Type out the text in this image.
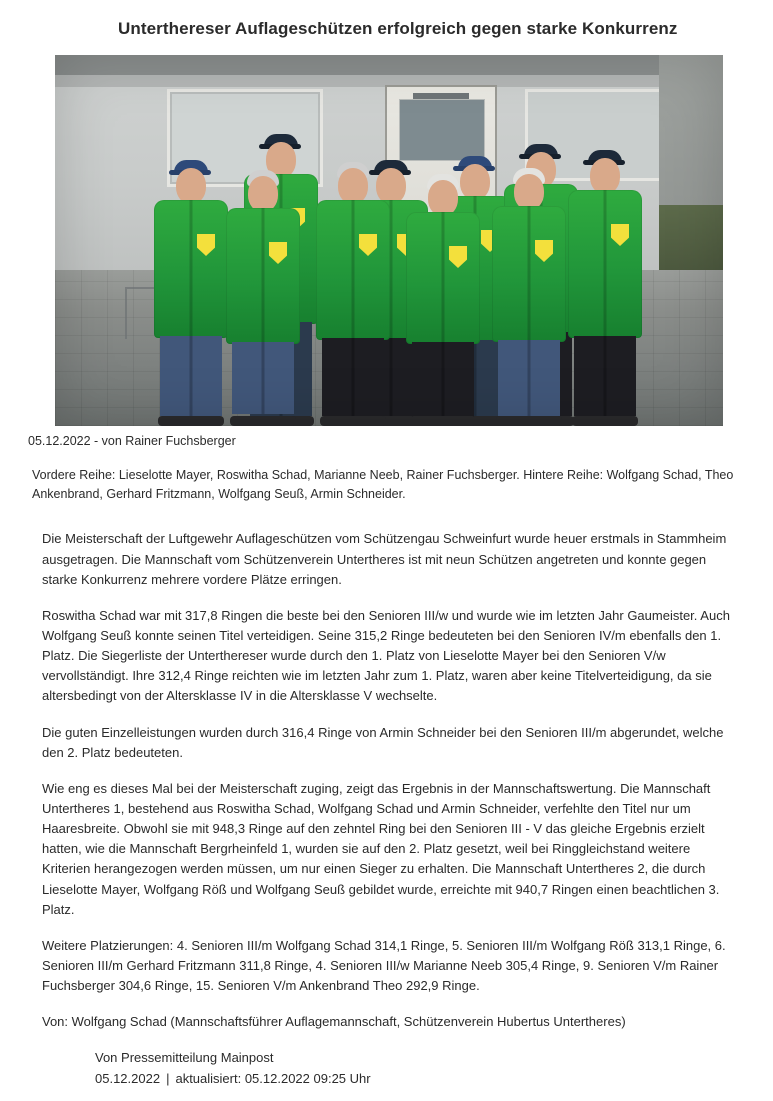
Unterthereser Auflageschützen erfolgreich gegen starke Konkurrenz
05.12.2022 - von Rainer Fuchsberger
Vordere Reihe: Lieselotte Mayer, Roswitha Schad, Marianne Neeb, Rainer Fuchsberger. Hintere Reihe: Wolfgang Schad, Theo Ankenbrand, Gerhard Fritzmann, Wolfgang Seuß, Armin Schneider.

Die Meisterschaft der Luftgewehr Auflageschützen vom Schützengau Schweinfurt wurde heuer erstmals in Stammheim ausgetragen. Die Mannschaft vom Schützenverein Untertheres ist mit neun Schützen angetreten und konnte gegen starke Konkurrenz mehrere vordere Plätze erringen.

Roswitha Schad war mit 317,8 Ringen die beste bei den Senioren III/w und wurde wie im letzten Jahr Gaumeister. Auch Wolfgang Seuß konnte seinen Titel verteidigen. Seine 315,2 Ringe bedeuteten bei den Senioren IV/m ebenfalls den 1. Platz. Die Siegerliste der Unterthereser wurde durch den 1. Platz von Lieselotte Mayer bei den Senioren V/w vervollständigt. Ihre 312,4 Ringe reichten wie im letzten Jahr zum 1. Platz, waren aber keine Titelverteidigung, da sie altersbedingt von der Altersklasse IV in die Altersklasse V wechselte.

Die guten Einzelleistungen wurden durch 316,4 Ringe von Armin Schneider bei den Senioren III/m abgerundet, welche den 2. Platz bedeuteten.

Wie eng es dieses Mal bei der Meisterschaft zuging, zeigt das Ergebnis in der Mannschaftswertung. Die Mannschaft Untertheres 1, bestehend aus Roswitha Schad, Wolfgang Schad und Armin Schneider, verfehlte den Titel nur um Haaresbreite. Obwohl sie mit 948,3 Ringe auf den zehntel Ring bei den Senioren III - V das gleiche Ergebnis erzielt hatten, wie die Mannschaft Bergrheinfeld 1, wurden sie auf den 2. Platz gesetzt, weil bei Ringgleichstand weitere Kriterien herangezogen werden müssen, um nur einen Sieger zu erhalten. Die Mannschaft Untertheres 2, die durch Lieselotte Mayer, Wolfgang Röß und Wolfgang Seuß gebildet wurde, erreichte mit 940,7 Ringen einen beachtlichen 3. Platz.

Weitere Platzierungen: 4. Senioren III/m Wolfgang Schad 314,1 Ringe, 5. Senioren III/m Wolfgang Röß 313,1 Ringe, 6. Senioren III/m Gerhard Fritzmann 311,8 Ringe, 4. Senioren III/w Marianne Neeb 305,4 Ringe, 9. Senioren V/m Rainer Fuchsberger 304,6 Ringe, 15. Senioren V/m Ankenbrand Theo 292,9 Ringe.

Von: Wolfgang Schad (Mannschaftsführer Auflagemannschaft, Schützenverein Hubertus Untertheres)

Von Pressemitteilung Mainpost
05.12.2022 | aktualisiert: 05.12.2022 09:25 Uhr
